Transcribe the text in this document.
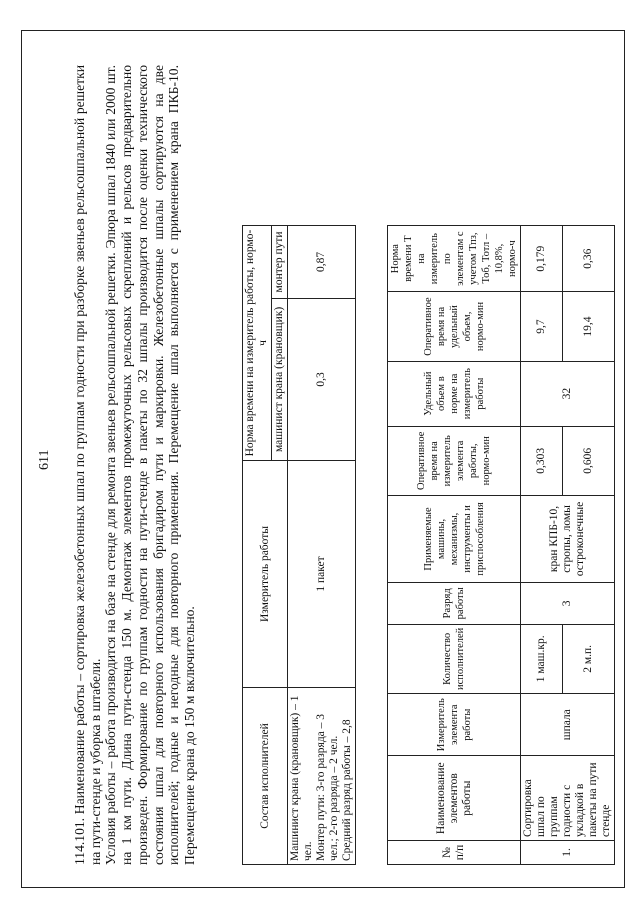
611 114.101. Наименование работы – сортировка железобетонных шпал по группам годности при разборке звеньев рельсошпальной решетки на пути-стенде и уборка в штабели. Условия работы – работа производится на базе на стенде для ремонта звеньев рельсошпальной решетки. Эпюра шпал 1840 или 2000 шт. на 1 км пути. Длина пути-стенда 150 м. Демонтаж элементов промежуточных рельсовых скреплений и рельсов предварительно произведен. Формирование по группам годности на пути-стенде в пакеты по 32 шпалы производится после оценки технического состояния шпал для повторного использования бригадиром пути и маркировки. Железобетонные шпалы сортируются на две исполнителей; годные и негодные для повторного применения. Перемещение шпал выполняется с применением крана ПКБ-10. Перемещение крана до 150 м включительно.	Состав исполнителей	Измеритель работы	Норма времени на измеритель работы, нормо-ч	
		машинист крана (крановщик)	монтер пути

Машинист крана (крановщик) – 1 чел. Монтер пути: 3-го разряда – 3 чел.; 2-го разряда – 2 чел. Средний разряд работы – 2,8	1 пакет	0,3	0,87
№ п/п	Наименование элементов работы	Измеритель элемента работы	Количество исполнителей	Разряд работы	Применяемые машины, механизмы, инструменты и приспособления	Оперативное время на измеритель элемента работы, нормо-мин	Удельный объем в норме на измеритель работы	Оперативное время на удельный объем, нормо-мин	Норма времени Т на измеритель по элементам с учетом Тпз, Тоб, Тотл – 10,8%, нормо-ч
1.	Сортировка шпал по группам годности с укладкой в пакеты на пути стенде	шпала	1 маш.кр.	3	кран КПБ-10, стропы, ломы остроконечные	0,303	32	9,7	0,179
			2 м.п.			0,606		19,4	0,36
